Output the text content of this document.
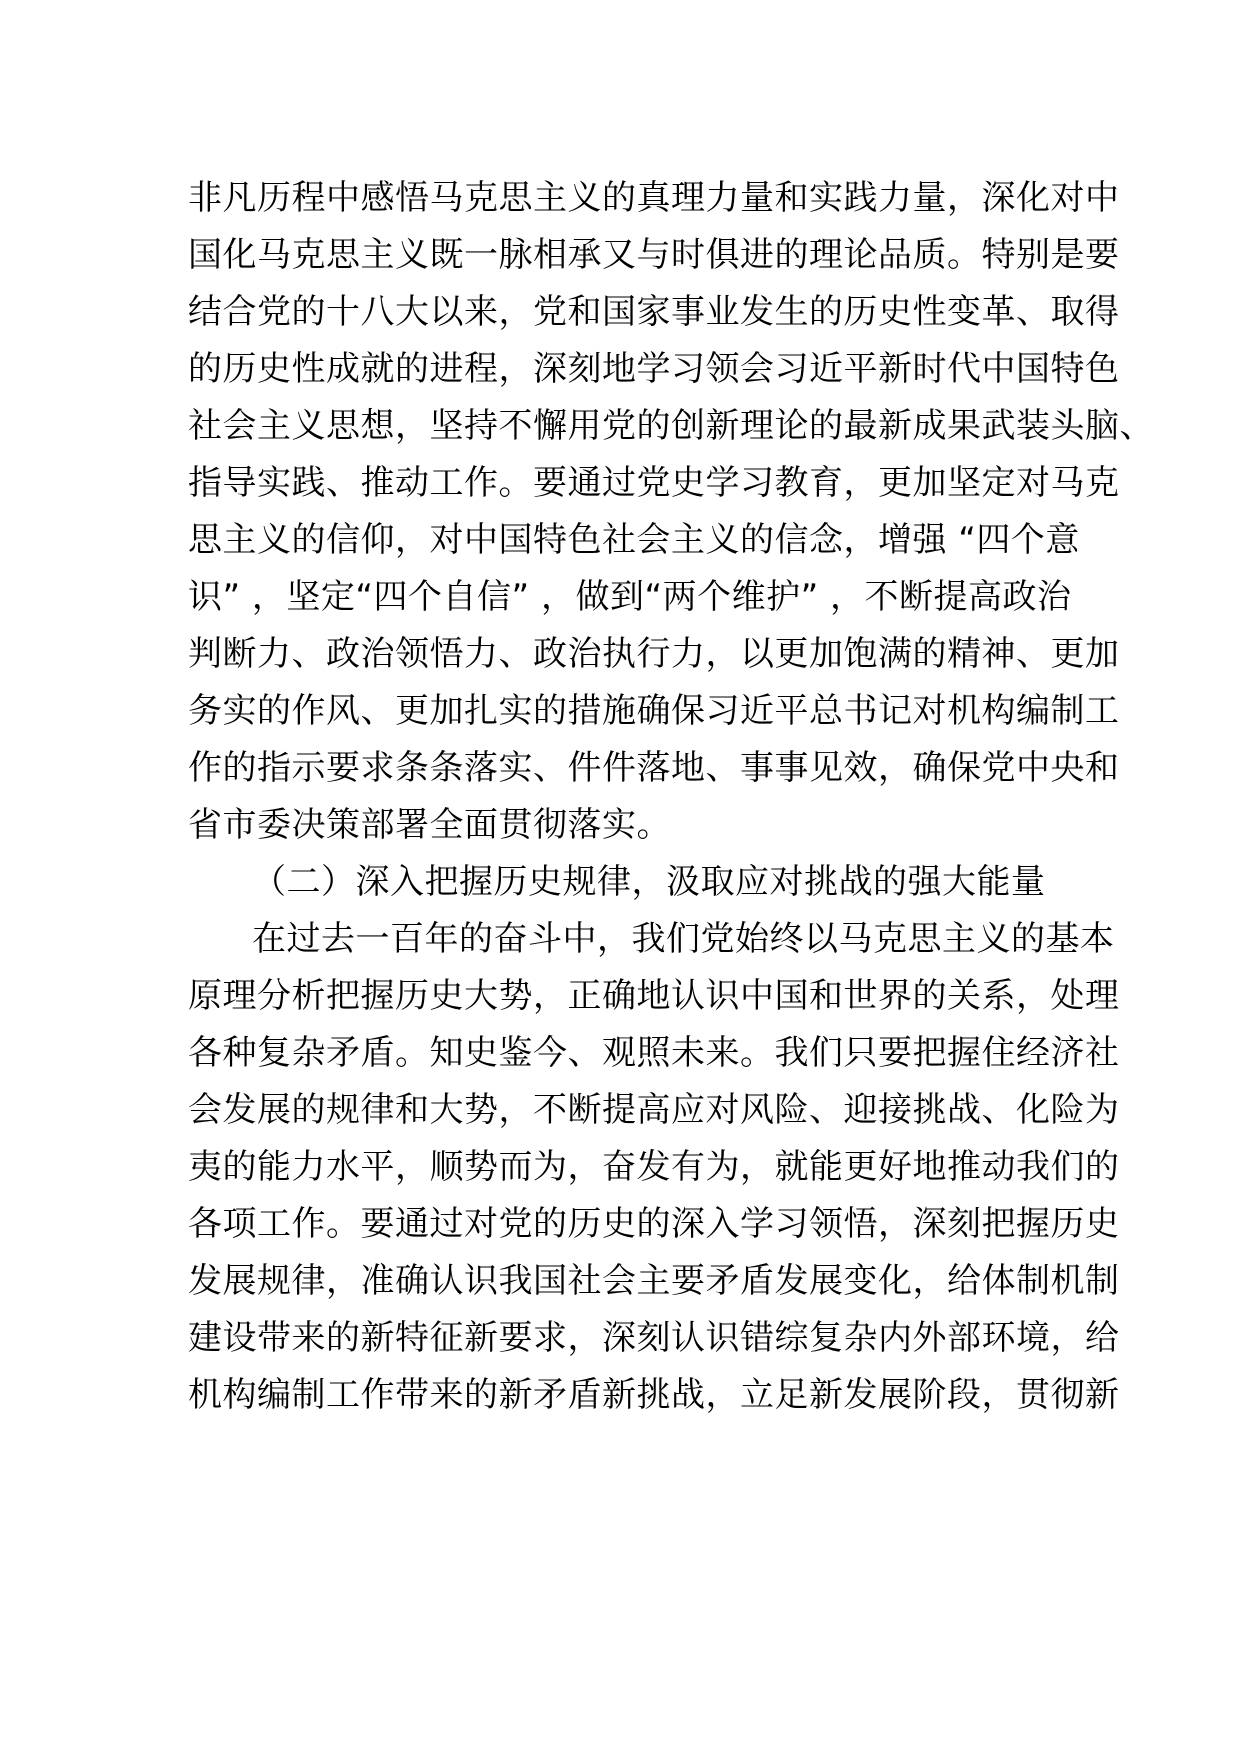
非凡历程中感悟马克思主义的真理力量和实践力量，深化对中
国化马克思主义既一脉相承又与时俱进的理论品质。特别是要
结合党的十八大以来，党和国家事业发生的历史性变革、取得
的历史性成就的进程，深刻地学习领会习近平新时代中国特色
社会主义思想，坚持不懈用党的创新理论的最新成果武装头脑、
指导实践、推动工作。要通过党史学习教育，更加坚定对马克
思主义的信仰，对中国特色社会主义的信念，增强 “四个意
识” ，坚定“四个自信” ，做到“两个维护” ，不断提高政治
判断力、政治领悟力、政治执行力，以更加饱满的精神、更加
务实的作风、更加扎实的措施确保习近平总书记对机构编制工
作的指示要求条条落实、件件落地、事事见效，确保党中央和
省市委决策部署全面贯彻落实。
（二）深入把握历史规律，汲取应对挑战的强大能量
在过去一百年的奋斗中，我们党始终以马克思主义的基本
原理分析把握历史大势，正确地认识中国和世界的关系，处理
各种复杂矛盾。知史鉴今、观照未来。我们只要把握住经济社
会发展的规律和大势，不断提高应对风险、迎接挑战、化险为
夷的能力水平，顺势而为，奋发有为，就能更好地推动我们的
各项工作。要通过对党的历史的深入学习领悟，深刻把握历史
发展规律，准确认识我国社会主要矛盾发展变化，给体制机制
建设带来的新特征新要求，深刻认识错综复杂内外部环境，给
机构编制工作带来的新矛盾新挑战，立足新发展阶段，贯彻新
